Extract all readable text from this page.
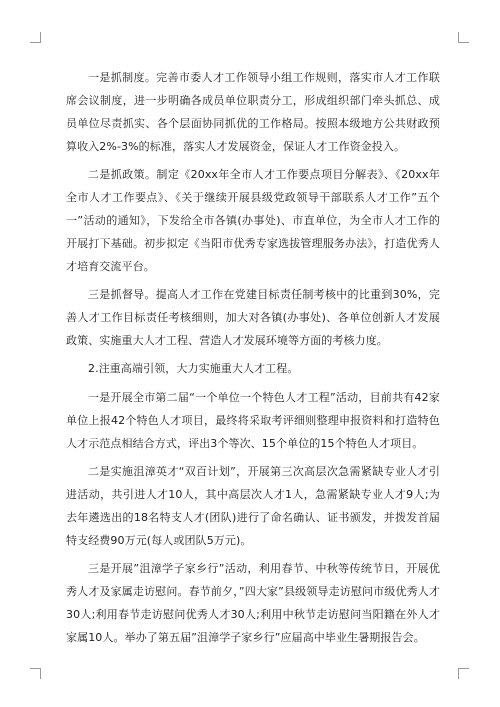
一是抓制度。完善市委人才工作领导小组工作规则，落实市人才工作联席会议制度，进一步明确各成员单位职责分工，形成组织部门牵头抓总、成员单位尽责抓实、各个层面协同抓优的工作格局。按照本级地方公共财政预算收入2%-3%的标准，落实人才发展资金，保证人才工作资金投入。

二是抓政策。制定《20xx年全市人才工作要点项目分解表》、《20xx年全市人才工作要点》、《关于继续开展县级党政领导干部联系人才工作”五个一”活动的通知》，下发给全市各镇(办事处)、市直单位，为全市人才工作的开展打下基础。初步拟定《当阳市优秀专家选拔管理服务办法》，打造优秀人才培育交流平台。

三是抓督导。提高人才工作在党建目标责任制考核中的比重到30%，完善人才工作目标责任考核细则，加大对各镇(办事处)、各单位创新人才发展政策、实施重大人才工程、营造人才发展环境等方面的考核力度。

2.注重高端引领，大力实施重大人才工程。

一是开展全市第二届“一个单位一个特色人才工程”活动，目前共有42家单位上报42个特色人才项目，最终将采取考评细则整理申报资料和打造特色人才示范点相结合方式，评出3个等次、15个单位的15个特色人才项目。

二是实施沮漳英才“双百计划”，开展第三次高层次急需紧缺专业人才引进活动，共引进人才10人，其中高层次人才1人，急需紧缺专业人才9人;为去年遴选出的18名特支人才(团队)进行了命名确认、证书颁发，并拨发首届特支经费90万元(每人或团队5万元)。

三是开展”沮漳学子家乡行”活动，利用春节、中秋等传统节日，开展优秀人才及家属走访慰问。春节前夕，”四大家”县级领导走访慰问市级优秀人才30人;利用春节走访慰问优秀人才30人;利用中秋节走访慰问当阳籍在外人才家属10人。举办了第五届”沮漳学子家乡行”应届高中毕业生暑期报告会。
